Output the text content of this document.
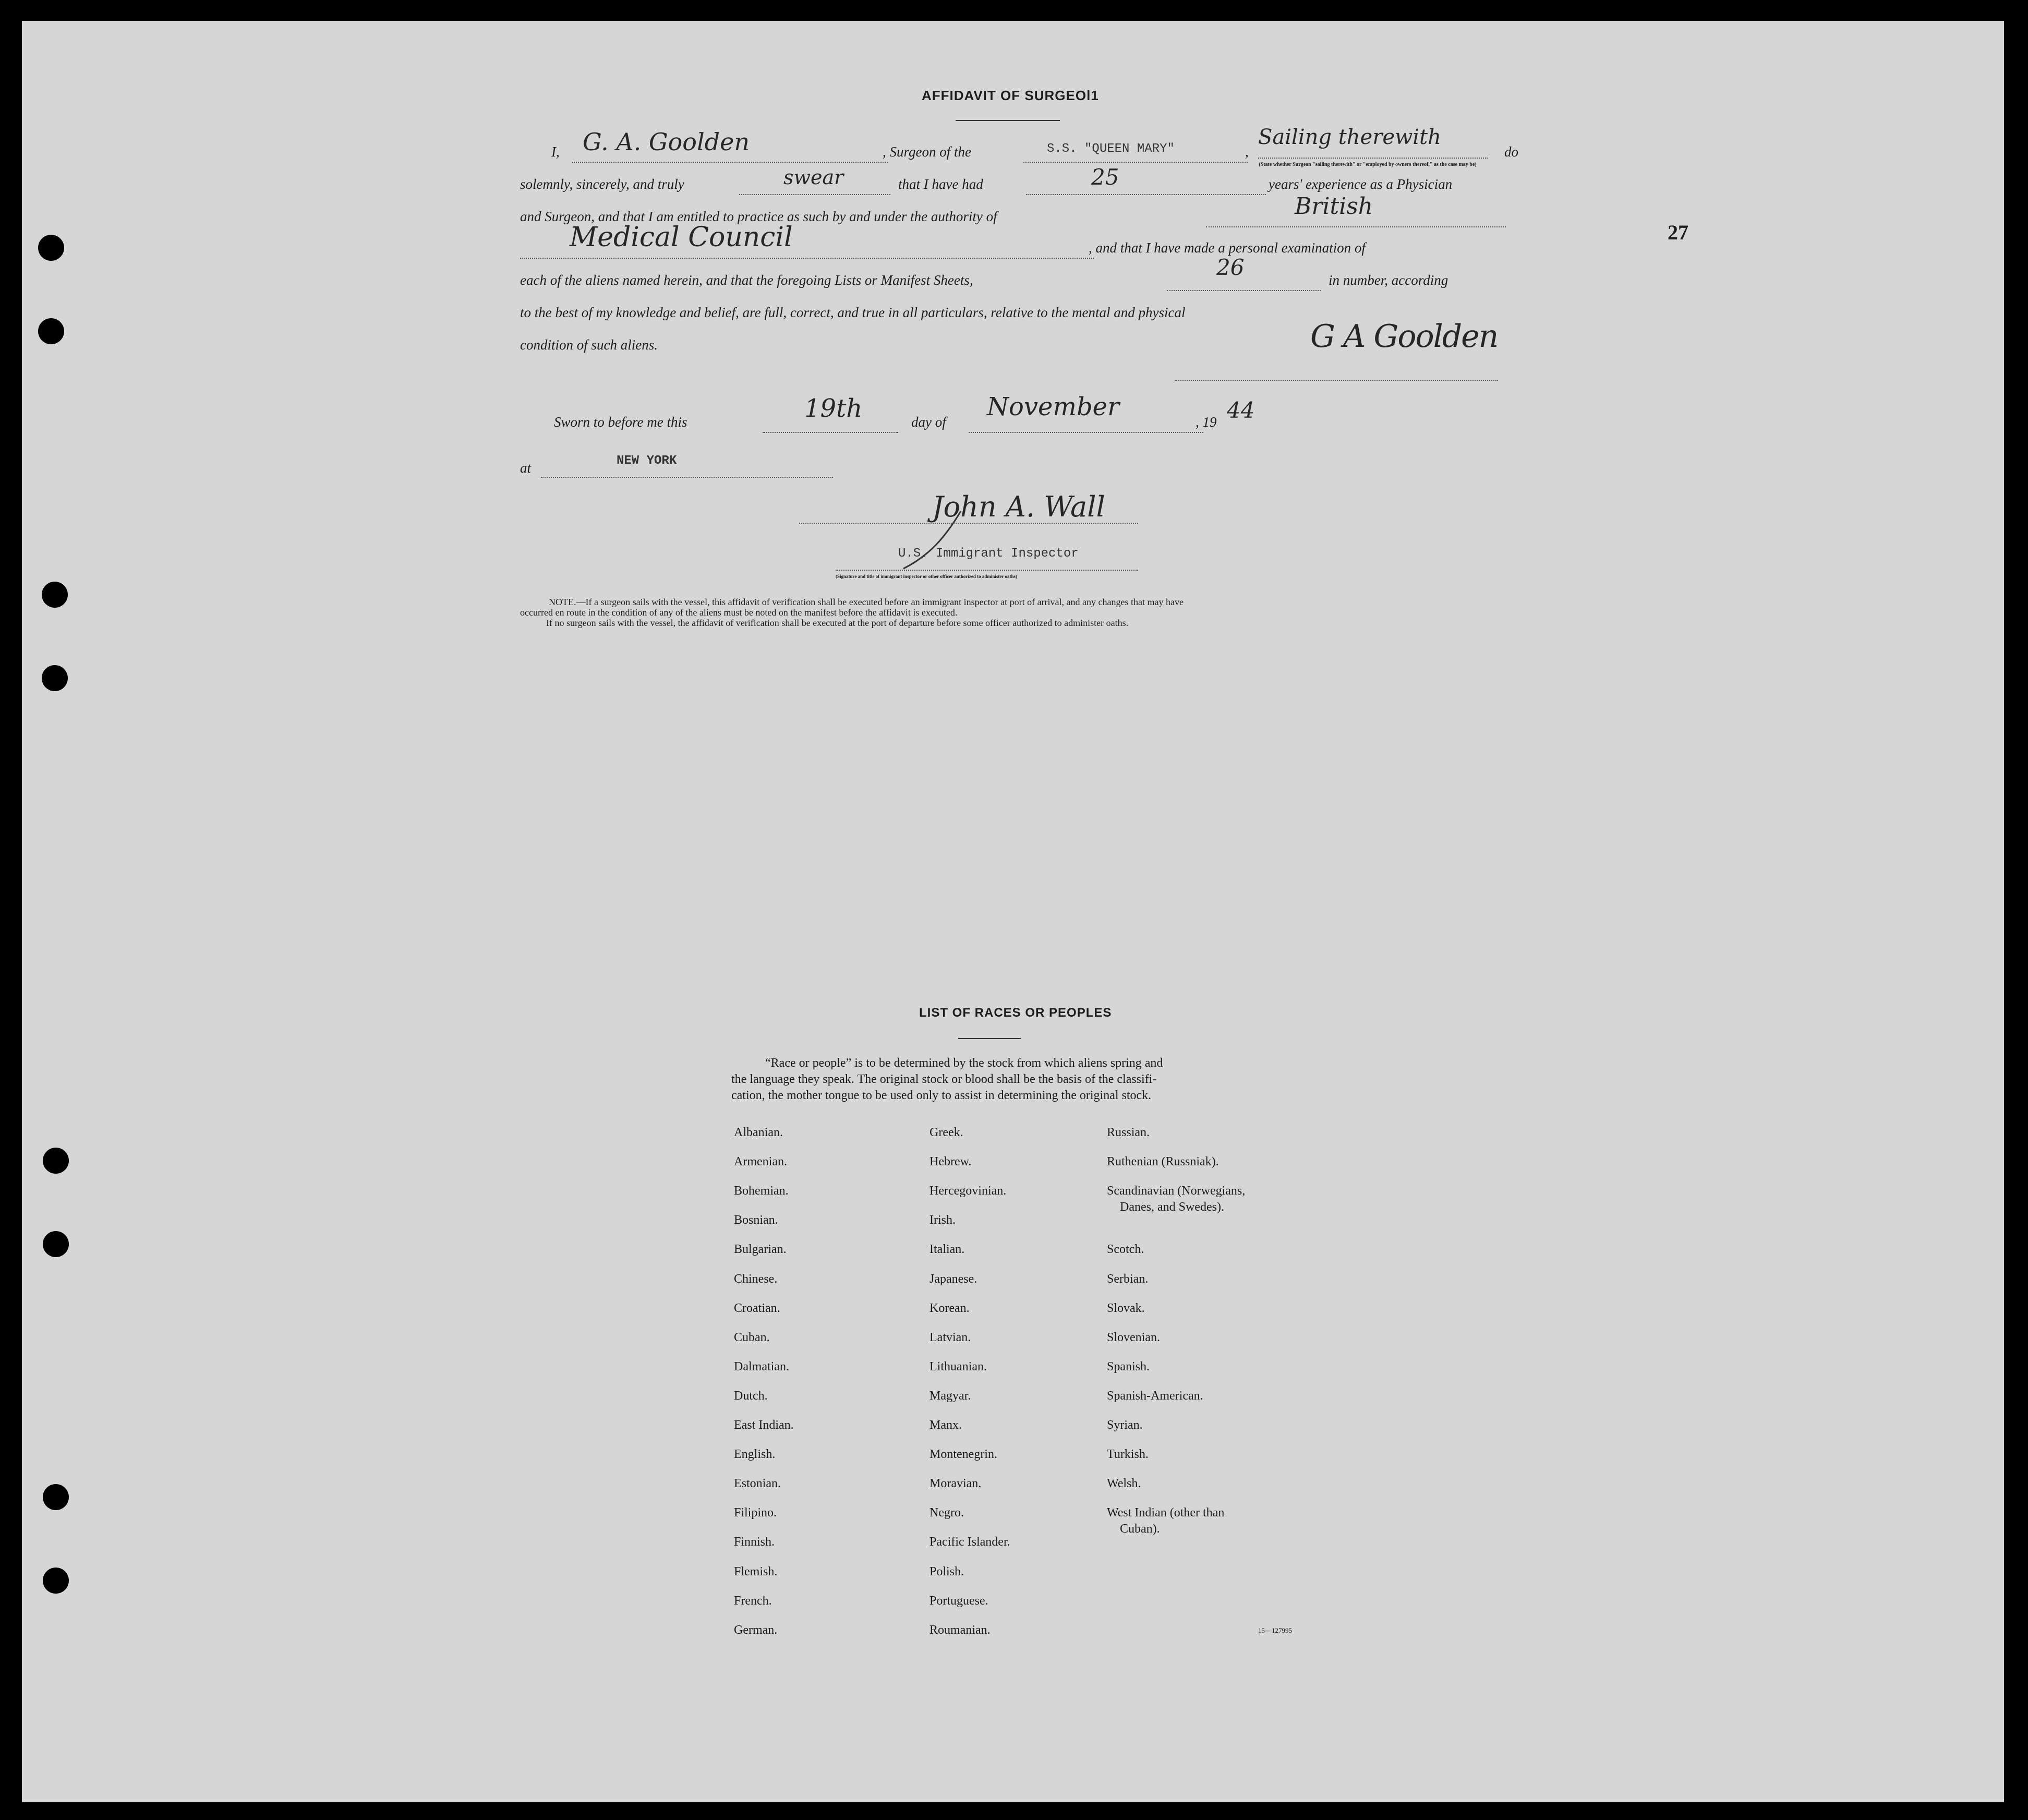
27
AFFIDAVIT OF SURGEOl1
I, G. A. Goolden	, Surgeon of the	S.S. "QUEEN MARY"	,
Sailing therewith
do
(State whether Surgeon "sailing therewith" or "employed by owners thereof," as the case may be)
solemnly, sincerely, and truly	swear	that I have had	25	years' experience as a Physician
and Surgeon, and that I am entitled to practice as such by and under the authority of	British
Medical Council	, and that I have made a personal examination of
each of the aliens named herein, and that the foregoing Lists or Manifest Sheets,	26	in number, according
to the best of my knowledge and belief, are full, correct, and true in all particulars, relative to the mental and physical
condition of such aliens.	G A Goolden
Sworn to before me this	19th	day of
November
, 19 44
at	NEW YORK
John A. Wall
U.S. Immigrant Inspector
(Signature and title of immigrant inspector or other officer authorized to administer oaths)
NOTE.—If a surgeon sails with the vessel, this affidavit of verification shall be executed before an immigrant inspector at port of arrival, and any changes that may have
occurred en route in the condition of any of the aliens must be noted on the manifest before the affidavit is executed.
If no surgeon sails with the vessel, the affidavit of verification shall be executed at the port of departure before some officer authorized to administer oaths.
LIST OF RACES OR PEOPLES
“Race or people” is to be determined by the stock from which aliens spring and
the language they speak. The original stock or blood shall be the basis of the classifi-
cation, the mother tongue to be used only to assist in determining the original stock.
Albanian.
Armenian.
Bohemian.
Bosnian.
Bulgarian.
Chinese.
Croatian.
Cuban.
Dalmatian.
Dutch.
East Indian.
English.
Estonian.
Filipino.
Finnish.
Flemish.
French.
German.
Greek.
Hebrew.
Hercegovinian.
Irish.
Italian.
Japanese.
Korean.
Latvian.
Lithuanian.
Magyar.
Manx.
Montenegrin.
Moravian.
Negro.
Pacific Islander.
Polish.
Portuguese.
Roumanian.
Russian.
Ruthenian (Russniak).
Scandinavian (Norwegians,
Danes, and Swedes).
Scotch.
Serbian.
Slovak.
Slovenian.
Spanish.
Spanish-American.
Syrian.
Turkish.
Welsh.
West Indian (other than
Cuban).
15—127995
